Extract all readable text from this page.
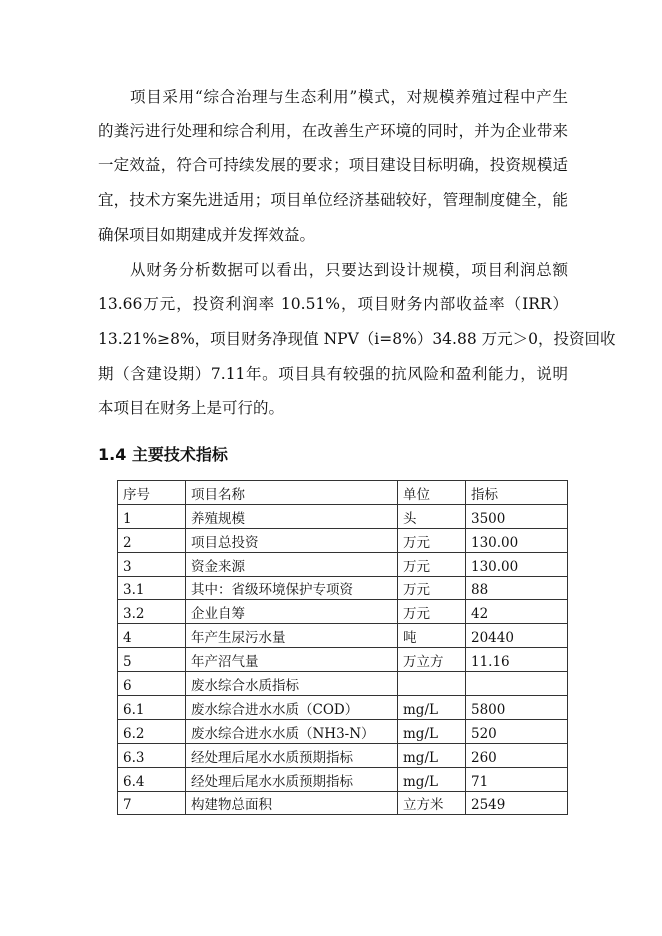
项目采用“综合治理与生态利用”模式，对规模养殖过程中产生
的粪污进行处理和综合利用，在改善生产环境的同时，并为企业带来
一定效益，符合可持续发展的要求；项目建设目标明确，投资规模适
宜，技术方案先进适用；项目单位经济基础较好，管理制度健全，能
确保项目如期建成并发挥效益。
从财务分析数据可以看出，只要达到设计规模，项目利润总额
13.66万元，投资利润率 10.51%，项目财务内部收益率（IRR）
13.21%≥8%，项目财务净现值 NPV（i=8%）34.88 万元＞0，投资回收
期（含建设期）7.11年。项目具有较强的抗风险和盈利能力，说明
本项目在财务上是可行的。
1.4 主要技术指标
序号	项目名称	单位	指标
1	养殖规模	头	3500
2	项目总投资	万元	130.00
3	资金来源	万元	130.00
3.1	其中：省级环境保护专项资	万元	88
3.2	企业自筹	万元	42
4	年产生尿污水量	吨	20440
5	年产沼气量	万立方	11.16
6	废水综合水质指标		
6.1	废水综合进水水质（COD）	mg/L	5800
6.2	废水综合进水水质（NH3-N）	mg/L	520
6.3	经处理后尾水水质预期指标	mg/L	260
6.4	经处理后尾水水质预期指标	mg/L	71
7	构建物总面积	立方米	2549
